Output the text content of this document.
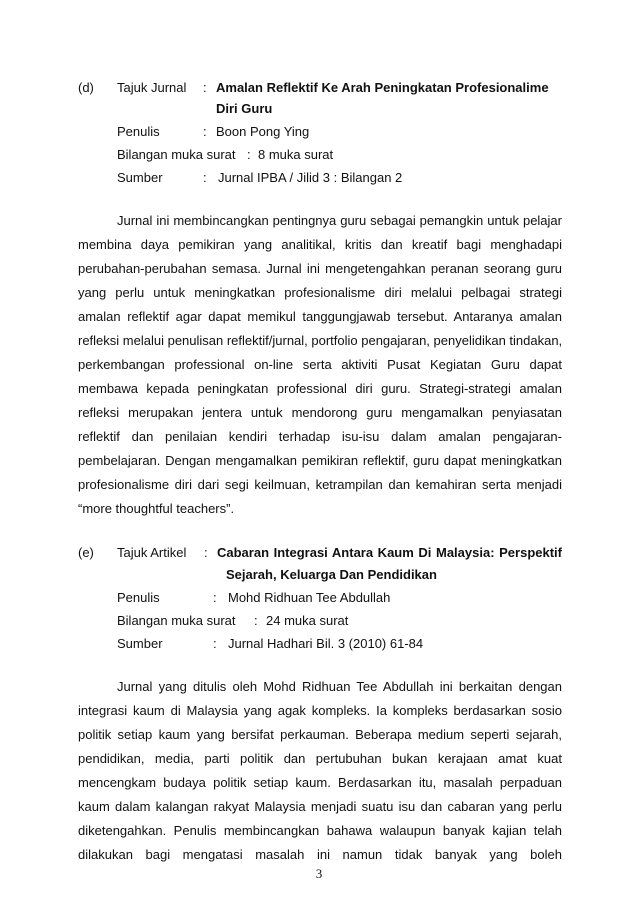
(d) Tajuk Jurnal : Amalan Reflektif Ke Arah Peningkatan Profesionalime
Diri Guru
Penulis	: Boon Pong Ying
Bilangan muka surat : 8 muka surat
Sumber	: Jurnal IPBA / Jilid 3 : Bilangan 2
Jurnal ini membincangkan pentingnya guru sebagai pemangkin untuk pelajar
membina daya pemikiran yang analitikal, kritis dan kreatif bagi menghadapi
perubahan-perubahan semasa. Jurnal ini mengetengahkan peranan seorang guru
yang perlu untuk meningkatkan profesionalisme diri melalui pelbagai strategi
amalan reflektif agar dapat memikul tanggungjawab tersebut. Antaranya amalan
refleksi melalui penulisan reflektif/jurnal, portfolio pengajaran, penyelidikan tindakan,
perkembangan professional on-line serta aktiviti Pusat Kegiatan Guru dapat
membawa kepada peningkatan professional diri guru. Strategi-strategi amalan
refleksi merupakan jentera untuk mendorong guru mengamalkan penyiasatan
reflektif dan penilaian kendiri terhadap isu-isu dalam amalan pengajaran-
pembelajaran. Dengan mengamalkan pemikiran reflektif, guru dapat meningkatkan
profesionalisme diri dari segi keilmuan, ketrampilan dan kemahiran serta menjadi
“more thoughtful teachers”.
(e) Tajuk Artikel : Cabaran Integrasi Antara Kaum Di Malaysia: Perspektif
Sejarah, Keluarga Dan Pendidikan
Penulis	: Mohd Ridhuan Tee Abdullah
Bilangan muka surat : 24 muka surat
Sumber	: Jurnal Hadhari Bil. 3 (2010) 61-84
Jurnal yang ditulis oleh Mohd Ridhuan Tee Abdullah ini berkaitan dengan
integrasi kaum di Malaysia yang agak kompleks. Ia kompleks berdasarkan sosio
politik setiap kaum yang bersifat perkauman. Beberapa medium seperti sejarah,
pendidikan, media, parti politik dan pertubuhan bukan kerajaan amat kuat
mencengkam budaya politik setiap kaum. Berdasarkan itu, masalah perpaduan
kaum dalam kalangan rakyat Malaysia menjadi suatu isu dan cabaran yang perlu
diketengahkan. Penulis membincangkan bahawa walaupun banyak kajian telah
dilakukan bagi mengatasi masalah ini namun tidak banyak yang boleh
3
